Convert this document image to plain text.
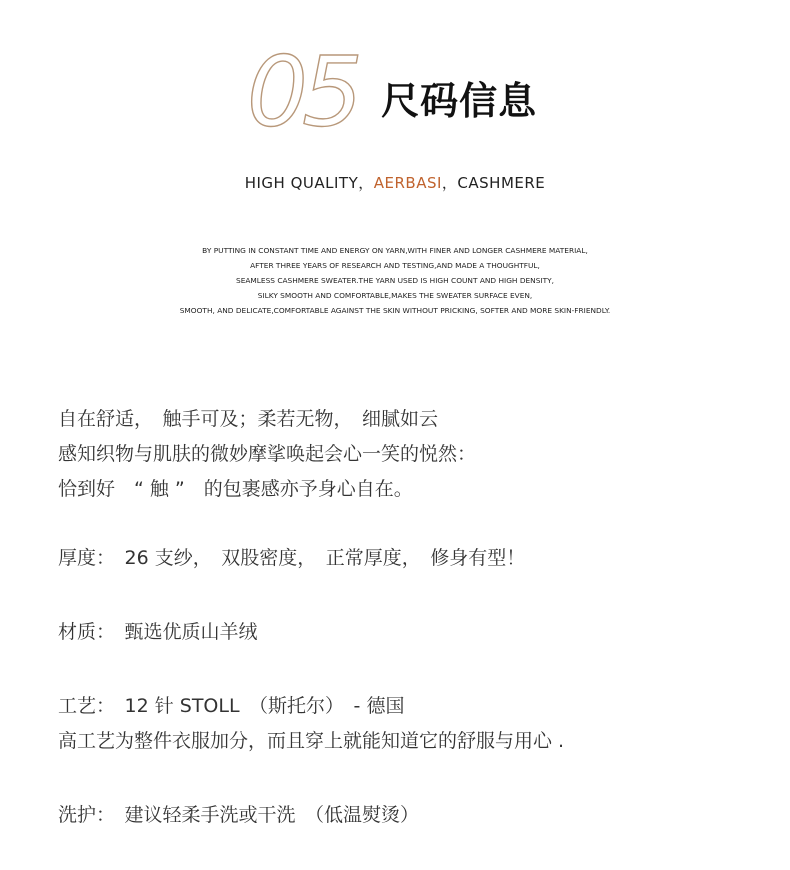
05 尺码信息
HIGH QUALITY，AERBASI，CASHMERE
BY PUTTING IN CONSTANT TIME AND ENERGY ON YARN,WITH FINER AND LONGER CASHMERE MATERIAL,
AFTER THREE YEARS OF RESEARCH AND TESTING,AND MADE A THOUGHTFUL,
SEAMLESS CASHMERE SWEATER.THE YARN USED IS HIGH COUNT AND HIGH DENSITY,
SILKY SMOOTH AND COMFORTABLE,MAKES THE SWEATER SURFACE EVEN,
SMOOTH, AND DELICATE,COMFORTABLE AGAINST THE SKIN WITHOUT PRICKING, SOFTER AND MORE SKIN-FRIENDLY.
自在舒适，　触手可及；柔若无物，　细腻如云
感知织物与肌肤的微妙摩挲唤起会心一笑的悦然：
恰到好　“ 触 ”　的包裹感亦予身心自在。
厚度：　26 支纱，　双股密度，　正常厚度，　修身有型！
材质：　甄选优质山羊绒
工艺：　12 针 STOLL　（斯托尔）　- 德国
高工艺为整件衣服加分，而且穿上就能知道它的舒服与用心 .
洗护：　建议轻柔手洗或干洗　（低温熨烫）
